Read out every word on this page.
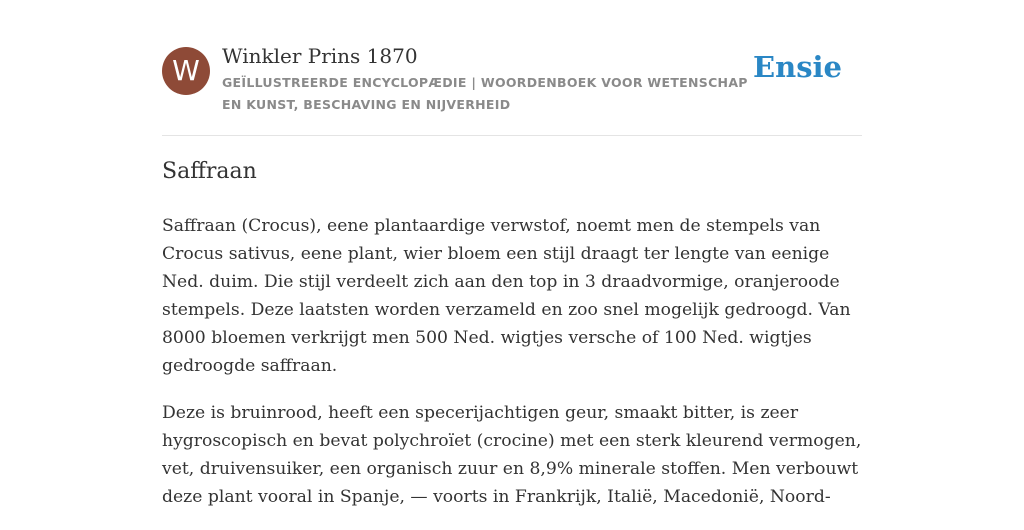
W	Winkler Prins 1870
GEÏLLUSTREERDE ENCYCLOPÆDIE | WOORDENBOEK VOOR WETENSCHAP EN KUNST, BESCHAVING EN NIJVERHEID
Ensie
Saffraan

Saffraan (Crocus), eene plantaardige verwstof, noemt men de stempels van Crocus sativus, eene plant, wier bloem een stijl draagt ter lengte van eenige Ned. duim. Die stijl verdeelt zich aan den top in 3 draadvormige, oranjeroode stempels. Deze laatsten worden verzameld en zoo snel mogelijk gedroogd. Van 8000 bloemen verkrijgt men 500 Ned. wigtjes versche of 100 Ned. wigtjes gedroogde saffraan.

Deze is bruinrood, heeft een specerijachtigen geur, smaakt bitter, is zeer hygroscopisch en bevat polychroïet (crocine) met een sterk kleurend vermogen, vet, druivensuiker, een organisch zuur en 8,9% minerale stoffen. Men verbouwt deze plant vooral in Spanje, — voorts in Frankrijk, Italië, Macedonië, Noord-
